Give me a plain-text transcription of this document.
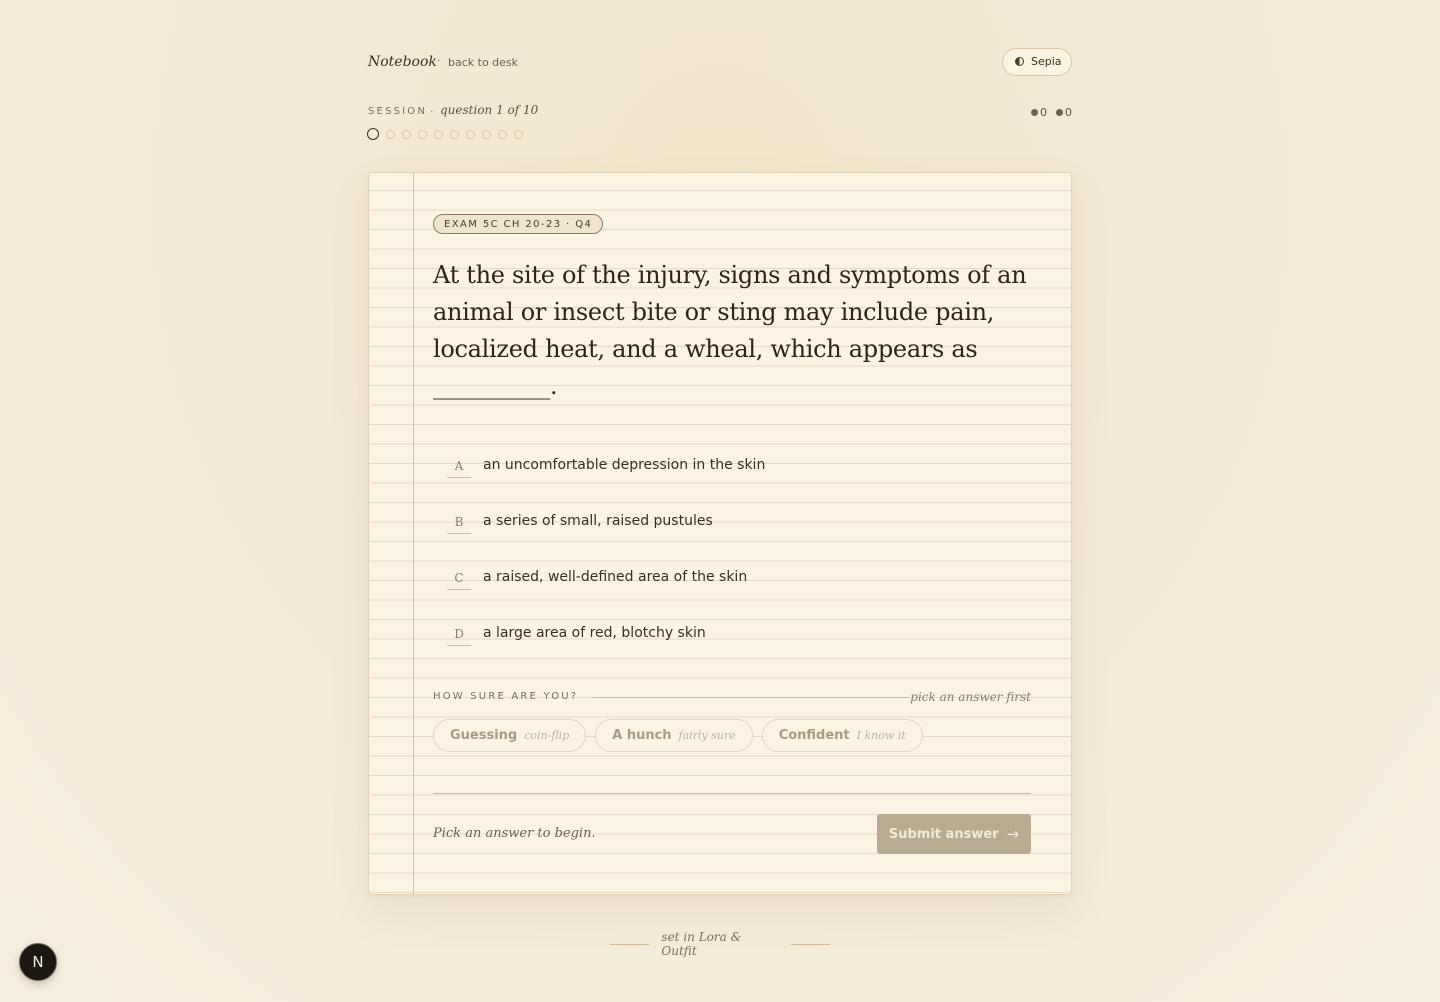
Notebook · back to desk	Sepia
SESSION · question 1 of 10	0 0
EXAM 5C CH 20-23 · Q4
At the site of the injury, signs and symptoms of an animal or insect bite or sting may include pain, localized heat, and a wheal, which appears as __________.
A	an uncomfortable depression in the skin
B	a series of small, raised pustules
C	a raised, well-defined area of the skin
D	a large area of red, blotchy skin
HOW SURE ARE YOU?	pick an answer first
Guessing coin-flip	A hunch fairly sure	Confident I know it
Pick an answer to begin.	Submit answer →
set in Lora & Outfit
N
